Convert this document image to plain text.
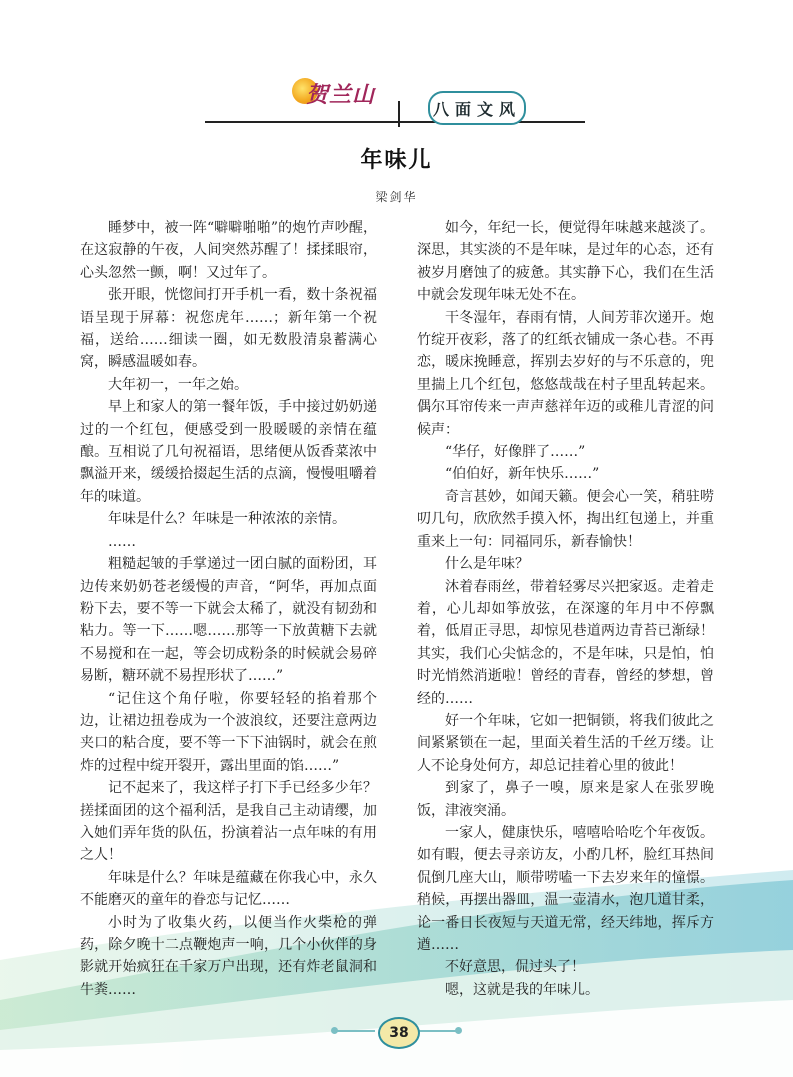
贺兰山
八面文风
年味儿
梁剑华

睡梦中，被一阵“噼噼啪啪”的炮竹声吵醒，在这寂静的午夜，人间突然苏醒了！揉揉眼帘，心头忽然一颤，啊！又过年了。

张开眼，恍惚间打开手机一看，数十条祝福语呈现于屏幕：祝您虎年……；新年第一个祝福，送给……细读一圈，如无数股清泉蓄满心窝，瞬感温暖如春。

大年初一，一年之始。

早上和家人的第一餐年饭，手中接过奶奶递过的一个红包，便感受到一股暖暖的亲情在蕴酿。互相说了几句祝福语，思绪便从饭香菜浓中飘溢开来，缓缓拾掇起生活的点滴，慢慢咀嚼着年的味道。

年味是什么？年味是一种浓浓的亲情。

……

粗糙起皱的手掌递过一团白腻的面粉团，耳边传来奶奶苍老缓慢的声音，“阿华，再加点面粉下去，要不等一下就会太稀了，就没有韧劲和粘力。等一下……嗯……那等一下放黄糖下去就不易搅和在一起，等会切成粉条的时候就会易碎易断，糖环就不易捏形状了……”

“记住这个角仔啦，你要轻轻的掐着那个边，让裙边扭卷成为一个波浪纹，还要注意两边夹口的粘合度，要不等一下下油锅时，就会在煎炸的过程中绽开裂开，露出里面的馅……”

记不起来了，我这样子打下手已经多少年？搓揉面团的这个福利活，是我自己主动请缨，加入她们弄年货的队伍，扮演着沾一点年味的有用之人！

年味是什么？年味是蕴藏在你我心中，永久不能磨灭的童年的眷恋与记忆……

小时为了收集火药，以便当作火柴枪的弹药，除夕晚十二点鞭炮声一响，几个小伙伴的身影就开始疯狂在千家万户出现，还有炸老鼠洞和牛粪……

如今，年纪一长，便觉得年味越来越淡了。深思，其实淡的不是年味，是过年的心态，还有被岁月磨蚀了的疲惫。其实静下心，我们在生活中就会发现年味无处不在。

干冬湿年，春雨有情，人间芳菲次递开。炮竹绽开夜彩，落了的红纸衣铺成一条心巷。不再恋，暖床挽睡意，挥别去岁好的与不乐意的，兜里揣上几个红包，悠悠哉哉在村子里乱转起来。偶尔耳帘传来一声声慈祥年迈的或稚儿青涩的问候声：

“华仔，好像胖了……”

“伯伯好，新年快乐……”

奇言甚妙，如闻天籁。便会心一笑，稍驻唠叨几句，欣欣然手摸入怀，掏出红包递上，并重重来上一句：同福同乐，新春愉快！

什么是年味？

沐着春雨丝，带着轻雾尽兴把家返。走着走着，心儿却如筝放弦，在深邃的年月中不停飘着，低眉正寻思，却惊见巷道两边青苔已渐绿！其实，我们心尖惦念的，不是年味，只是怕，怕时光悄然消逝啦！曾经的青春，曾经的梦想，曾经的……

好一个年味，它如一把铜锁，将我们彼此之间紧紧锁在一起，里面关着生活的千丝万缕。让人不论身处何方，却总记挂着心里的彼此！

到家了，鼻子一嗅，原来是家人在张罗晚饭，津液突涌。

一家人，健康快乐，嘻嘻哈哈吃个年夜饭。如有暇，便去寻亲访友，小酌几杯，脸红耳热间侃倒几座大山，顺带唠嗑一下去岁来年的憧憬。稍候，再摆出器皿，温一壶清水，泡几道甘柔，论一番日长夜短与天道无常，经天纬地，挥斥方遒……

不好意思，侃过头了！

嗯，这就是我的年味儿。

38
